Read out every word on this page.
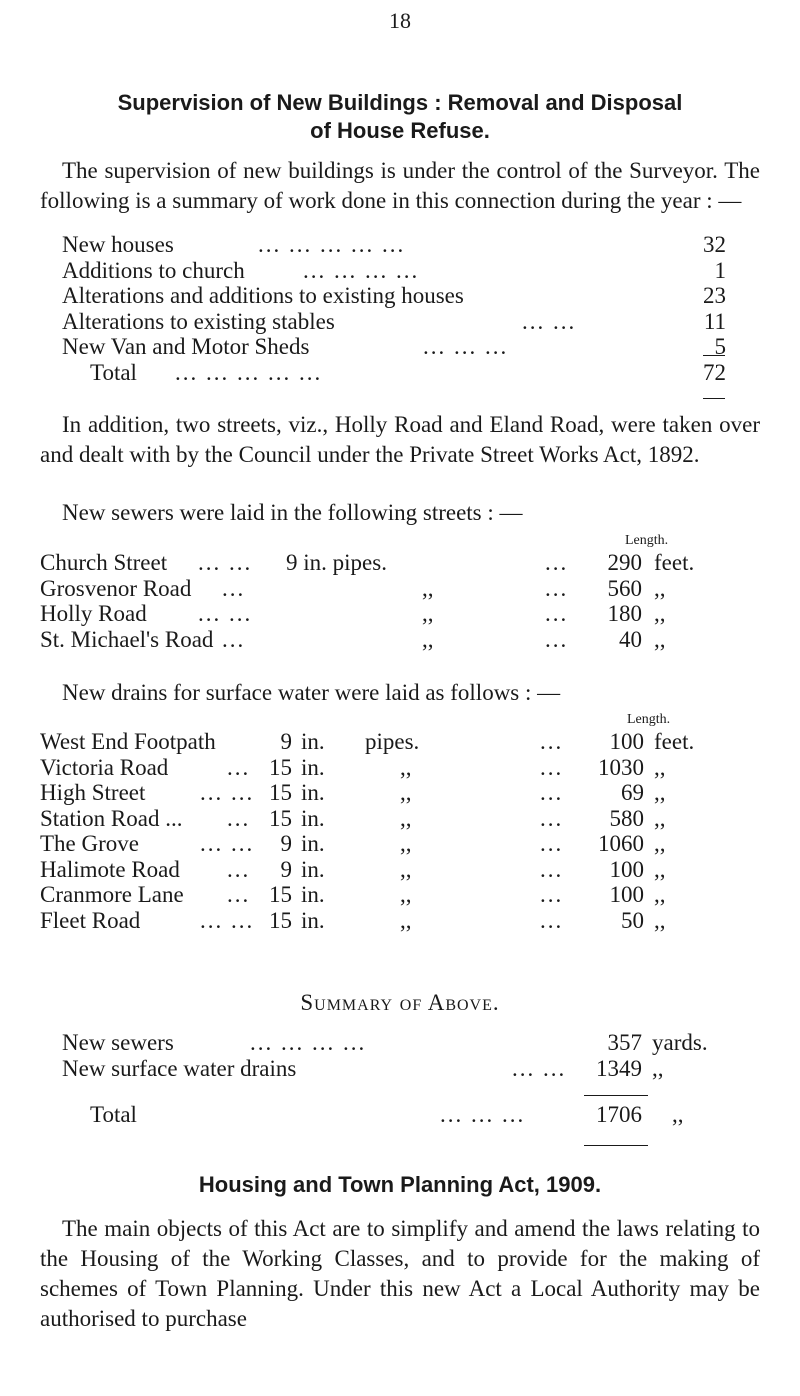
18
Supervision of New Buildings : Removal and Disposal
of House Refuse.
The supervision of new buildings is under the control of the Surveyor. The following is a summary of work done in this connection during the year : —
New houses	... ... ... ... ...	32
Additions to church	... ... ... ...	1
Alterations and additions to existing houses	23
Alterations to existing stables	... ...	11
New Van and Motor Sheds	... ... ...	5
Total ... ... ... ... ...	72
In addition, two streets, viz., Holly Road and Eland Road, were taken over and dealt with by the Council under the Private Street Works Act, 1892.
New sewers were laid in the following streets : —
Length.
Church Street ... ... 9 in. pipes.	...	290 feet.
Grosvenor Road ...	,,	...	560 ,,
Holly Road ... ...	,,	...	180 ,,
St. Michael's Road ...	,,	...	40 ,,
New drains for surface water were laid as follows : —
Length.
West End Footpath	9 in. pipes.	...	100 feet.
Victoria Road	... 15 in.	,,	...	1030 ,,
High Street ... ... 15 in.	,,	...	69 ,,
Station Road ... ... 15 in.	,,	...	580 ,,
The Grove	... ...	9 in.	,,	...	1060 ,,
Halimote Road ...	9 in.	,,	...	100 ,,
Cranmore Lane ... 15 in.	,,	...	100 ,,
Fleet Road	... ... 15 in.	,,	...	50 ,,
Summary of Above.
New sewers	... ... ... ...	357 yards.
New surface water drains	... ...	1349 ,,
Total	... ... ...	1706 ,,
Housing and Town Planning Act, 1909.
The main objects of this Act are to simplify and amend the laws relating to the Housing of the Working Classes, and to provide for the making of schemes of Town Planning. Under this new Act a Local Authority may be authorised to purchase
